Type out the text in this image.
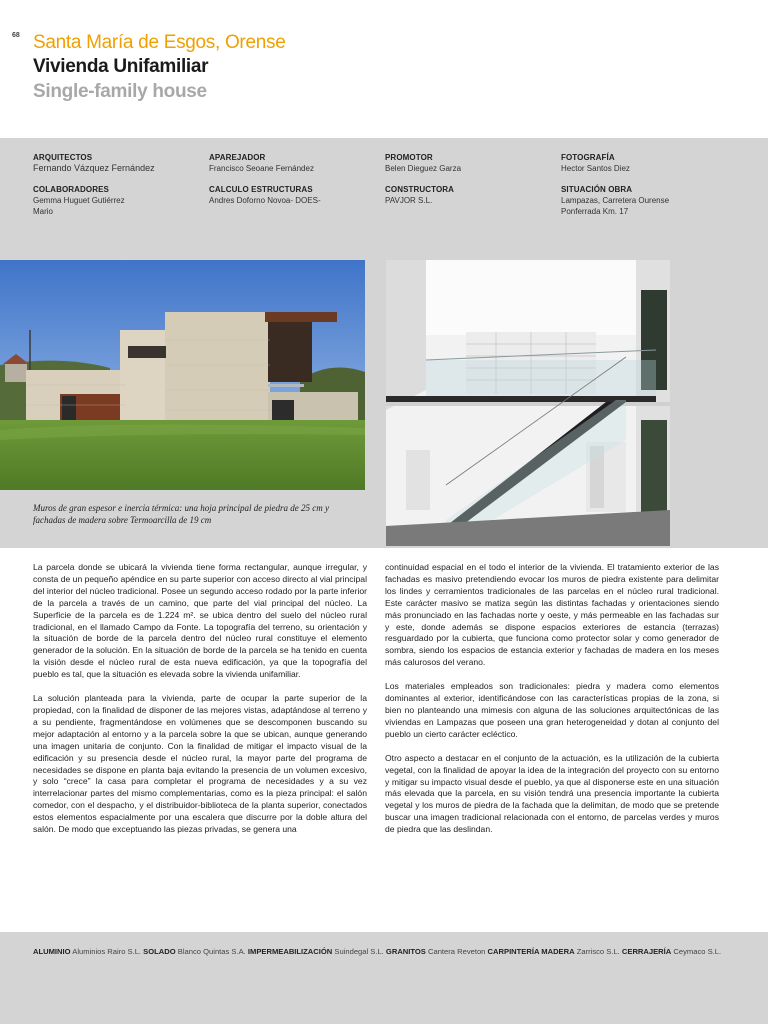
68 Santa María de Esgos, Orense
Vivienda Unifamiliar
Single-family house
ARQUITECTOS
Fernando Vázquez Fernández
COLABORADORES
Gemma Huguet Gutiérrez
Mario
APAREJADOR
Francisco Seoane Fernández
CALCULO ESTRUCTURAS
Andres Doforno Novoa- DOES-
PROMOTOR
Belen Dieguez Garza
CONSTRUCTORA
PAVJOR S.L.
FOTOGRAFÍA
Hector Santos Diez
SITUACIÓN OBRA
Lampazas, Carretera Ourense
Ponferrada Km. 17
Muros de gran espesor e inercia térmica: una hoja principal de piedra de 25 cm y fachadas de madera sobre Termoarcilla de 19 cm

La parcela donde se ubicará la vivienda tiene forma rectangular, aunque irregular, y consta de un pequeño apéndice en su parte superior con acceso directo al vial principal del interior del núcleo tradicional. Posee un segundo acceso rodado por la parte inferior de la parcela a través de un camino, que parte del vial principal del núcleo. La Superficie de la parcela es de 1.224 m². se ubica dentro del suelo del núcleo rural tradicional, en el llamado Campo da Fonte. La topografía del terreno, su orientación y la situación de borde de la parcela dentro del núcleo rural constituye el elemento generador de la solución. En la situación de borde de la parcela se ha tenido en cuenta la visión desde el núcleo rural de esta nueva edificación, ya que la topografía del pueblo es tal, que la situación es elevada sobre la vivienda unifamiliar.

La solución planteada para la vivienda, parte de ocupar la parte superior de la propiedad, con la finalidad de disponer de las mejores vistas, adaptándose al terreno y a su pendiente, fragmentándose en volúmenes que se descomponen buscando su mejor adaptación al entorno y a la parcela sobre la que se ubican, aunque generando una imagen unitaria de conjunto. Con la finalidad de mitigar el impacto visual de la edificación y su presencia desde el núcleo rural, la mayor parte del programa de necesidades se dispone en planta baja evitando la presencia de un volumen excesivo, y solo “crece” la casa para completar el programa de necesidades y a su vez interrelacionar partes del mismo complementarias, como es la pieza principal: el salón comedor, con el despacho, y el distribuidor-biblioteca de la planta superior, conectados estos elementos espacialmente por una escalera que discurre por la doble altura del salón. De modo que exceptuando las piezas privadas, se genera una

continuidad espacial en el todo el interior de la vivienda. El tratamiento exterior de las fachadas es masivo pretendiendo evocar los muros de piedra existente para delimitar los lindes y cerramientos tradicionales de las parcelas en el núcleo rural tradicional. Este carácter masivo se matiza según las distintas fachadas y orientaciones siendo más pronunciado en las fachadas norte y oeste, y más permeable en las fachadas sur y este, donde además se dispone espacios exteriores de estancia (terrazas) resguardado por la cubierta, que funciona como protector solar y como generador de sombra, siendo los espacios de estancia exterior y fachadas de madera en los meses más calurosos del verano.

Los materiales empleados son tradicionales: piedra y madera como elementos dominantes al exterior, identificándose con las características propias de la zona, si bien no planteando una mimesis con alguna de las soluciones arquitectónicas de las viviendas en Lampazas que poseen una gran heterogeneidad y dotan al conjunto del pueblo un cierto carácter ecléctico.

Otro aspecto a destacar en el conjunto de la actuación, es la utilización de la cubierta vegetal, con la finalidad de apoyar la idea de la integración del proyecto con su entorno y mitigar su impacto visual desde el pueblo, ya que al disponerse este en una situación más elevada que la parcela, en su visión tendrá una presencia importante la cubierta vegetal y los muros de piedra de la fachada que la delimitan, de modo que se pretende buscar una imagen tradicional relacionada con el entorno, de parcelas verdes y muros de piedra que las deslindan.

ALUMINIO Aluminios Rairo S.L. SOLADO Blanco Quintas S.A. IMPERMEABILIZACIÓN Suindegal S.L. GRANITOS Cantera Reveton CARPINTERÍA MADERA Zarrisco S.L. CERRAJERÍA Ceymaco S.L.
